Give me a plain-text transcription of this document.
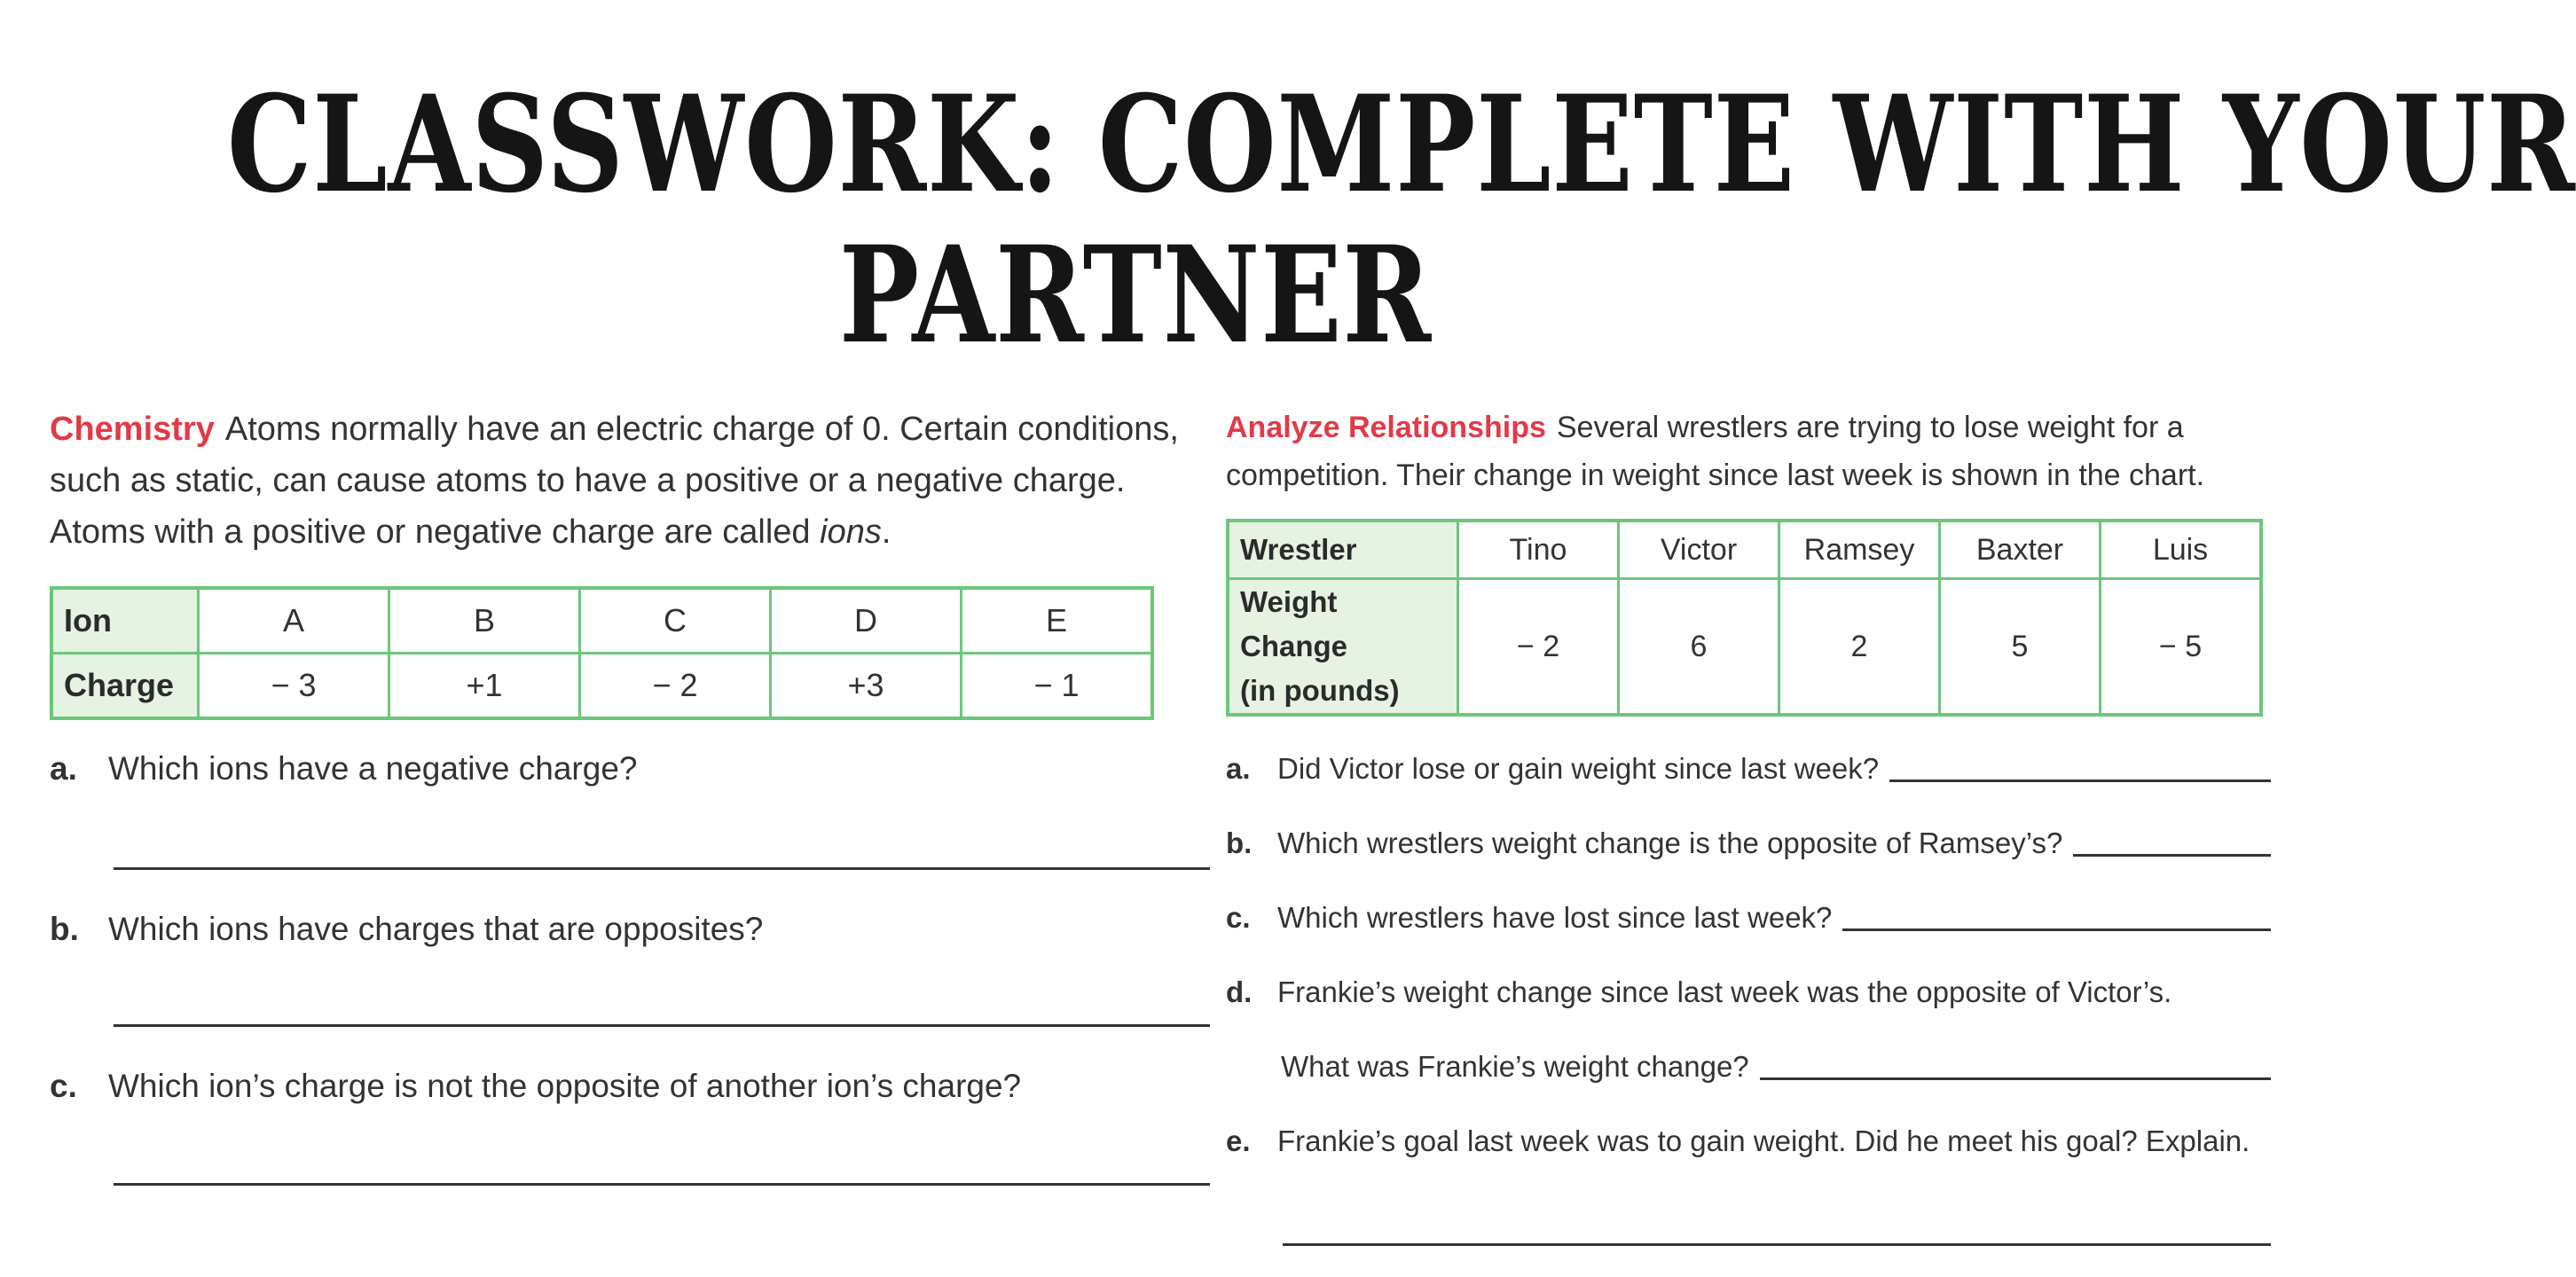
CLASSWORK: COMPLETE WITH YOUR
PARTNER
Chemistry Atoms normally have an electric charge of 0. Certain conditions, such as static, can cause atoms to have a positive or a negative charge. Atoms with a positive or negative charge are called ions.
Ion	A	B	C	D	E
Charge	− 3	+1	− 2	+3	− 1
a. Which ions have a negative charge?
b. Which ions have charges that are opposites?
c. Which ion’s charge is not the opposite of another ion’s charge?
Analyze Relationships Several wrestlers are trying to lose weight for a competition. Their change in weight since last week is shown in the chart.
Wrestler	Tino	Victor	Ramsey	Baxter	Luis
Weight Change
(in pounds)	− 2	6	2	5	− 5
a. Did Victor lose or gain weight since last week?
b. Which wrestlers weight change is the opposite of Ramsey’s?
c. Which wrestlers have lost since last week?
d. Frankie’s weight change since last week was the opposite of Victor’s.
What was Frankie’s weight change?
e. Frankie’s goal last week was to gain weight. Did he meet his goal? Explain.
